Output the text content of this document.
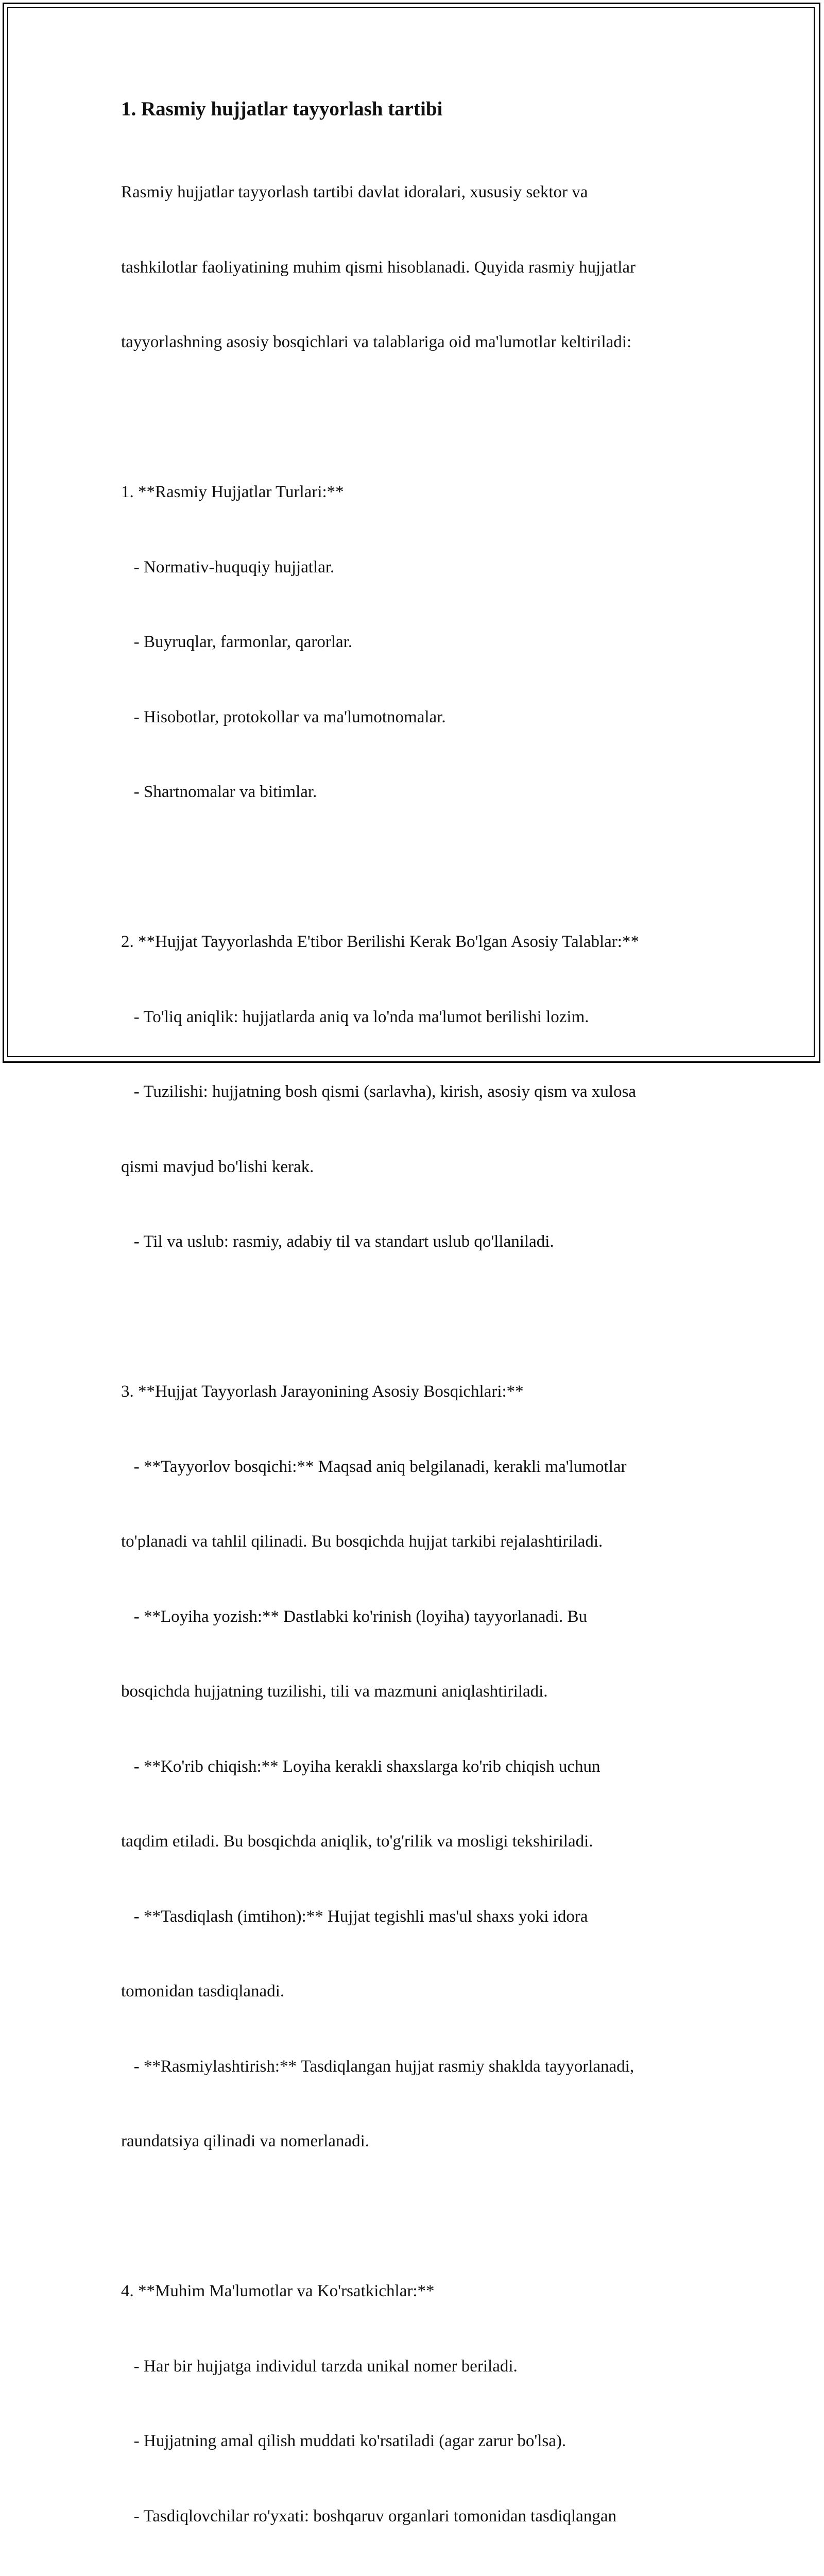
1. Rasmiy hujjatlar tayyorlash tartibi

Rasmiy hujjatlar tayyorlash tartibi davlat idoralari, xususiy sektor va

tashkilotlar faoliyatining muhim qismi hisoblanadi. Quyida rasmiy hujjatlar

tayyorlashning asosiy bosqichlari va talablariga oid ma'lumotlar keltiriladi:

1. **Rasmiy Hujjatlar Turlari:**

- Normativ-huquqiy hujjatlar.

- Buyruqlar, farmonlar, qarorlar.

- Hisobotlar, protokollar va ma'lumotnomalar.

- Shartnomalar va bitimlar.

2. **Hujjat Tayyorlashda E'tibor Berilishi Kerak Bo'lgan Asosiy Talablar:**

- To'liq aniqlik: hujjatlarda aniq va lo'nda ma'lumot berilishi lozim.

- Tuzilishi: hujjatning bosh qismi (sarlavha), kirish, asosiy qism va xulosa

qismi mavjud bo'lishi kerak.

- Til va uslub: rasmiy, adabiy til va standart uslub qo'llaniladi.

3. **Hujjat Tayyorlash Jarayonining Asosiy Bosqichlari:**

- **Tayyorlov bosqichi:** Maqsad aniq belgilanadi, kerakli ma'lumotlar

to'planadi va tahlil qilinadi. Bu bosqichda hujjat tarkibi rejalashtiriladi.

- **Loyiha yozish:** Dastlabki ko'rinish (loyiha) tayyorlanadi. Bu

bosqichda hujjatning tuzilishi, tili va mazmuni aniqlashtiriladi.

- **Ko'rib chiqish:** Loyiha kerakli shaxslarga ko'rib chiqish uchun

taqdim etiladi. Bu bosqichda aniqlik, to'g'rilik va mosligi tekshiriladi.

- **Tasdiqlash (imtihon):** Hujjat tegishli mas'ul shaxs yoki idora

tomonidan tasdiqlanadi.

- **Rasmiylashtirish:** Tasdiqlangan hujjat rasmiy shaklda tayyorlanadi,

raundatsiya qilinadi va nomerlanadi.

4. **Muhim Ma'lumotlar va Ko'rsatkichlar:**

- Har bir hujjatga individul tarzda unikal nomer beriladi.

- Hujjatning amal qilish muddati ko'rsatiladi (agar zarur bo'lsa).

- Tasdiqlovchilar ro'yxati: boshqaruv organlari tomonidan tasdiqlangan
